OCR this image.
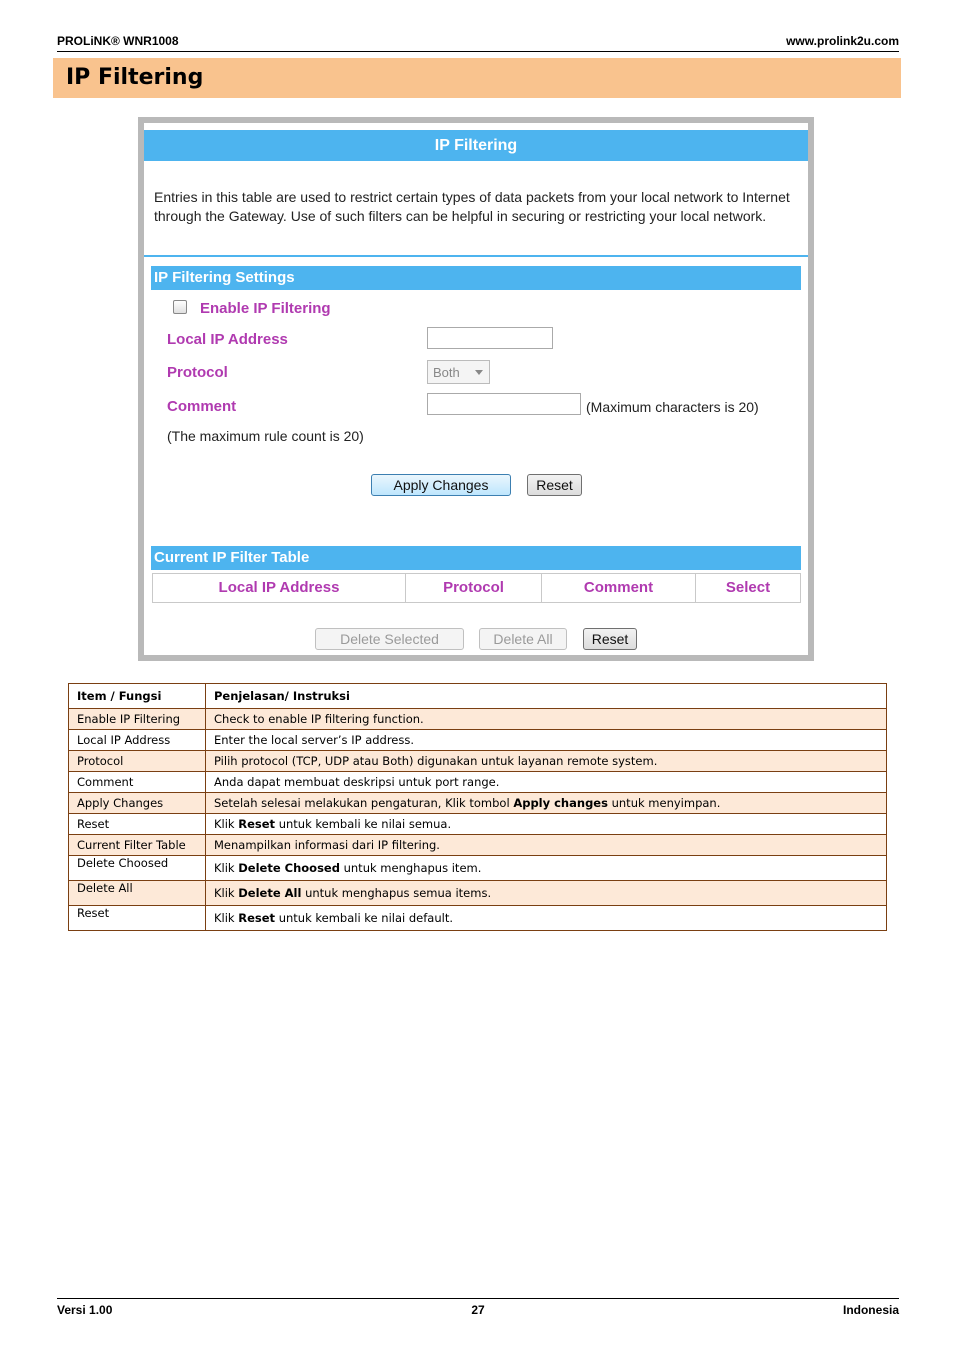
PROLiNK® WNR1008	www.prolink2u.com
IP Filtering
IP Filtering
Entries in this table are used to restrict certain types of data packets from your local network to Internet through the Gateway. Use of such filters can be helpful in securing or restricting your local network.
IP Filtering Settings
Enable IP Filtering
Local IP Address
Protocol	Both
Comment	(Maximum characters is 20)
(The maximum rule count is 20)
Apply Changes	Reset
Current IP Filter Table
Local IP Address	Protocol	Comment	Select
Delete Selected	Delete All	Reset
Item / Fungsi	Penjelasan/ Instruksi
Enable IP Filtering	Check to enable IP filtering function.
Local IP Address	Enter the local server’s IP address.
Protocol	Pilih protocol (TCP, UDP atau Both) digunakan untuk layanan remote system.
Comment	Anda dapat membuat deskripsi untuk port range.
Apply Changes	Setelah selesai melakukan pengaturan, Klik tombol Apply changes untuk menyimpan.
Reset	Klik Reset untuk kembali ke nilai semua.
Current Filter Table	Menampilkan informasi dari IP filtering.
Delete Choosed	Klik Delete Choosed untuk menghapus item.
Delete All	Klik Delete All untuk menghapus semua items.
Reset	Klik Reset untuk kembali ke nilai default.
Versi 1.00	27	Indonesia
